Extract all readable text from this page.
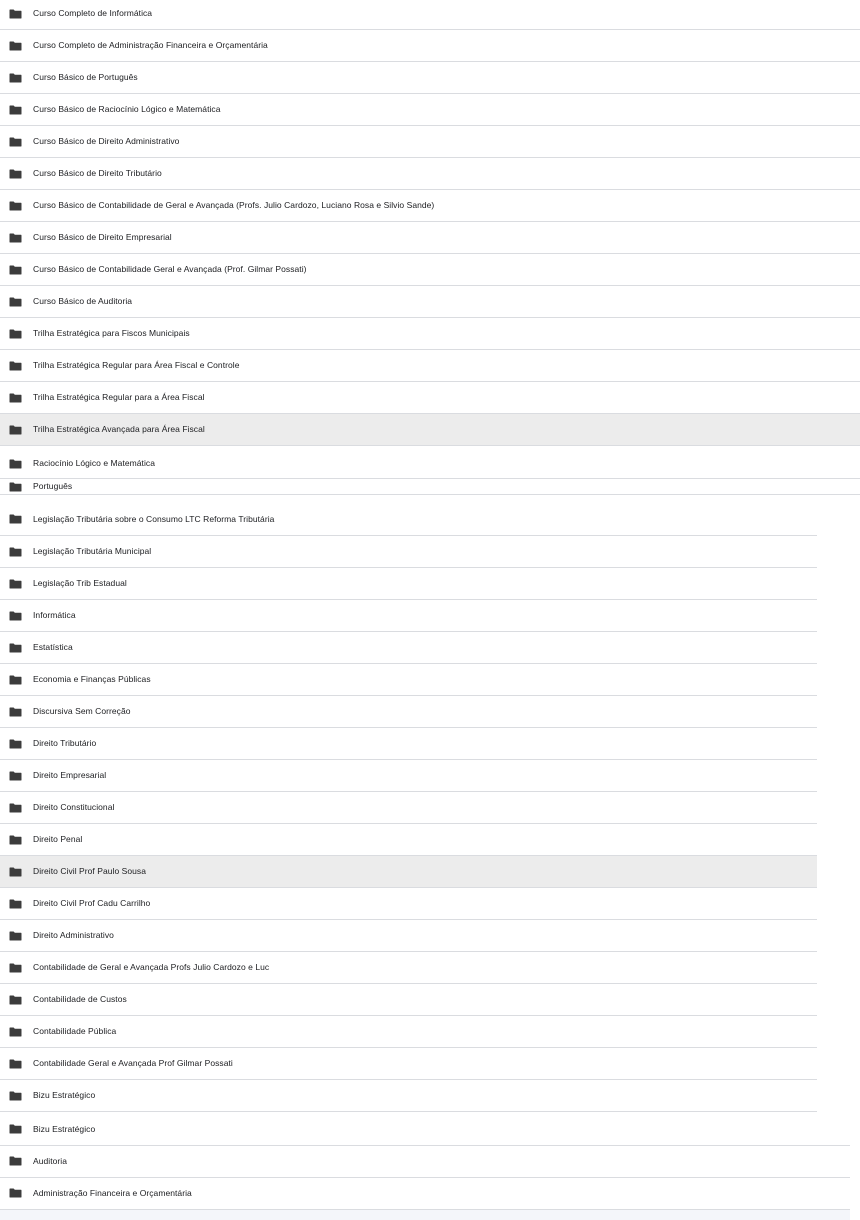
Curso Completo de Informática
Curso Completo de Administração Financeira e Orçamentária
Curso Básico de Português
Curso Básico de Raciocínio Lógico e Matemática
Curso Básico de Direito Administrativo
Curso Básico de Direito Tributário
Curso Básico de Contabilidade de Geral e Avançada (Profs. Julio Cardozo, Luciano Rosa e Silvio Sande)
Curso Básico de Direito Empresarial
Curso Básico de Contabilidade Geral e Avançada (Prof. Gilmar Possati)
Curso Básico de Auditoria
Trilha Estratégica para Fiscos Municipais
Trilha Estratégica Regular para Área Fiscal e Controle
Trilha Estratégica Regular para a Área Fiscal
Trilha Estratégica Avançada para Área Fiscal
Raciocínio Lógico e Matemática
Português
Legislação Tributária sobre o Consumo LTC Reforma Tributária
Legislação Tributária Municipal
Legislação Trib Estadual
Informática
Estatística
Economia e Finanças Públicas
Discursiva Sem Correção
Direito Tributário
Direito Empresarial
Direito Constitucional
Direito Penal
Direito Civil Prof Paulo Sousa
Direito Civil Prof Cadu Carrilho
Direito Administrativo
Contabilidade de Geral e Avançada Profs Julio Cardozo e Luc
Contabilidade de Custos
Contabilidade Pública
Contabilidade Geral e Avançada Prof Gilmar Possati
Bizu Estratégico
Bizu Estratégico
Auditoria
Administração Financeira e Orçamentária
